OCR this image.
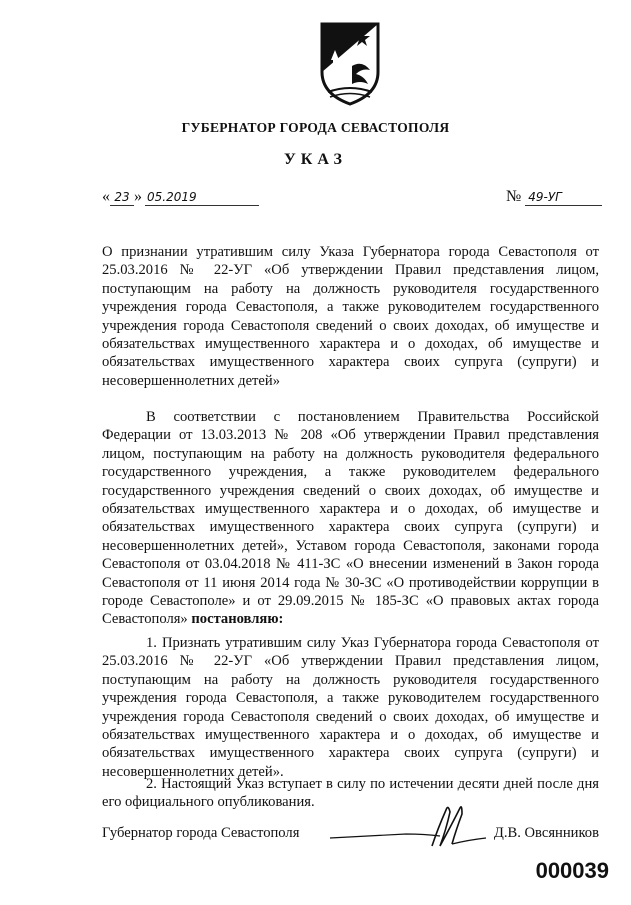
ГУБЕРНАТОР ГОРОДА СЕВАСТОПОЛЯ
УКАЗ
« 23 » 05.2019	№ 49-УГ
О признании утратившим силу Указа Губернатора города Севастополя от 25.03.2016 № 22-УГ «Об утверждении Правил представления лицом, поступающим на работу на должность руководителя государственного учреждения города Севастополя, а также руководителем государственного учреждения города Севастополя сведений о своих доходах, об имуществе и обязательствах имущественного характера и о доходах, об имуществе и обязательствах имущественного характера своих супруга (супруги) и несовершеннолетних детей»
В соответствии с постановлением Правительства Российской Федерации от 13.03.2013 № 208 «Об утверждении Правил представления лицом, поступающим на работу на должность руководителя федерального государственного учреждения, а также руководителем федерального государственного учреждения сведений о своих доходах, об имуществе и обязательствах имущественного характера и о доходах, об имуществе и обязательствах имущественного характера своих супруга (супруги) и несовершеннолетних детей», Уставом города Севастополя, законами города Севастополя от 03.04.2018 № 411-ЗС «О внесении изменений в Закон города Севастополя от 11 июня 2014 года № 30-ЗС «О противодействии коррупции в городе Севастополе» и от 29.09.2015 № 185-ЗС «О правовых актах города Севастополя» постановляю:
1. Признать утратившим силу Указ Губернатора города Севастополя от 25.03.2016 № 22-УГ «Об утверждении Правил представления лицом, поступающим на работу на должность руководителя государственного учреждения города Севастополя, а также руководителем государственного учреждения города Севастополя сведений о своих доходах, об имуществе и обязательствах имущественного характера и о доходах, об имуществе и обязательствах имущественного характера своих супруга (супруги) и несовершеннолетних детей».
2. Настоящий Указ вступает в силу по истечении десяти дней после дня его официального опубликования.
Губернатор города Севастополя	Д.В. Овсянников
000039
